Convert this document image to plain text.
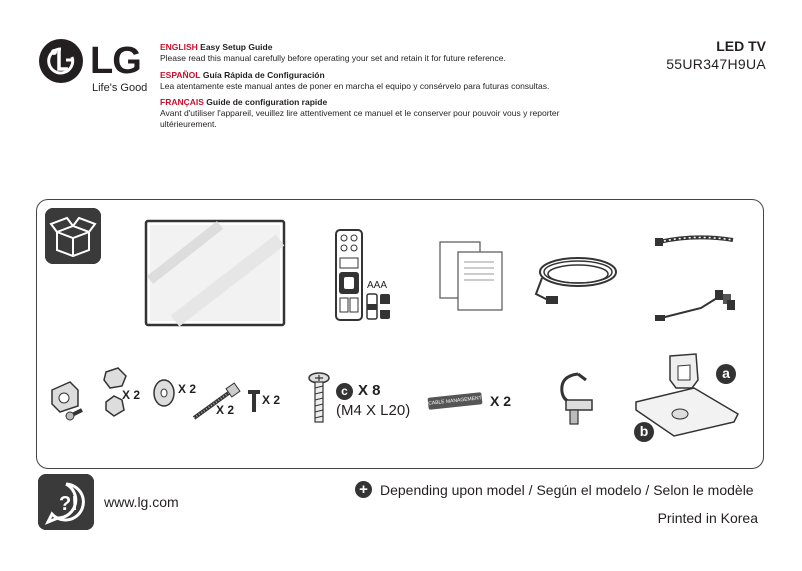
LG
Life's Good
ENGLISH Easy Setup Guide
Please read this manual carefully before operating your set and retain it for future reference.
ESPAÑOL Guía Rápida de Configuración
Lea atentamente este manual antes de poner en marcha el equipo y consérvelo para futuras consultas.
FRANÇAIS Guide de configuration rapide
Avant d'utiliser l'appareil, veuillez lire attentivement ce manuel et le conserver pour pouvoir vous y reporter ultérieurement.
LED TV
55UR347H9UA
AAA
X 2	X 2
X 2
X 2
c X 8
(M4 X L20)
CABLE MANAGEMENT X 2
a
b
?! www.lg.com
+ Depending upon model / Según el modelo / Selon le modèle
Printed in Korea
